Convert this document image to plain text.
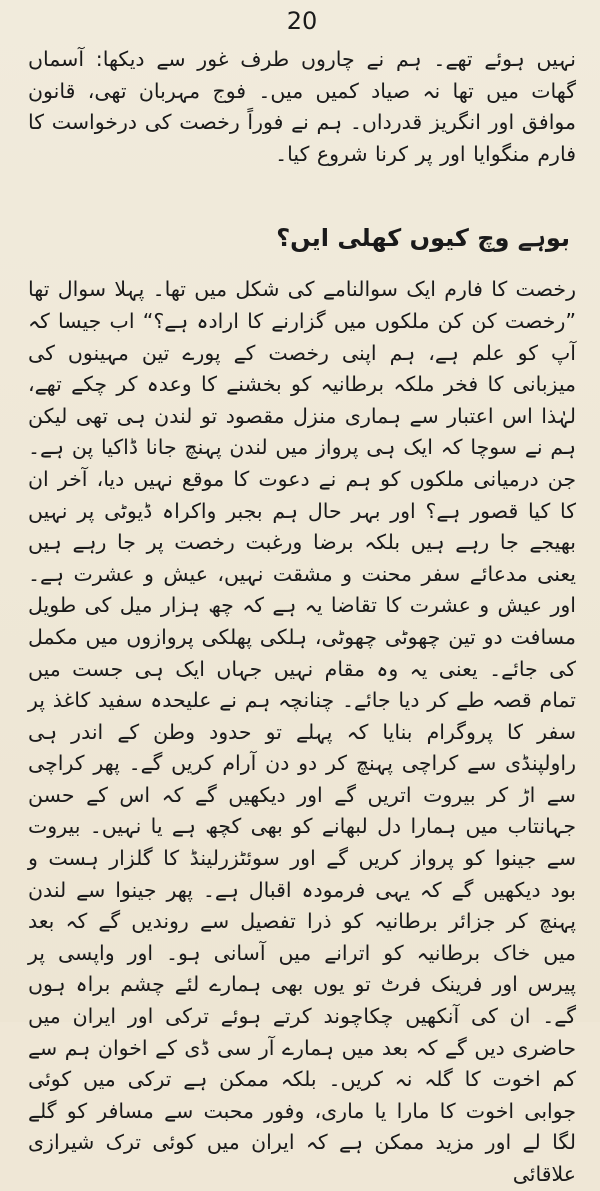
20

نہیں ہوئے تھے۔ ہم نے چاروں طرف غور سے دیکھا: آسماں گھات میں تھا نہ صیاد کمیں میں۔ فوج مہربان تھی، قانون موافق اور انگریز قدرداں۔ ہم نے فوراً رخصت کی درخواست کا فارم منگوایا اور پر کرنا شروع کیا۔

بوہے وچ کیوں کھلی ایں؟

رخصت کا فارم ایک سوالنامے کی شکل میں تھا۔ پہلا سوال تھا ”رخصت کن کن ملکوں میں گزارنے کا ارادہ ہے؟“ اب جیسا کہ آپ کو علم ہے، ہم اپنی رخصت کے پورے تین مہینوں کی میزبانی کا فخر ملکہ برطانیہ کو بخشنے کا وعدہ کر چکے تھے، لہٰذا اس اعتبار سے ہماری منزل مقصود تو لندن ہی تھی لیکن ہم نے سوچا کہ ایک ہی پرواز میں لندن پہنچ جانا ڈاکیا پن ہے۔ جن درمیانی ملکوں کو ہم نے دعوت کا موقع نہیں دیا، آخر ان کا کیا قصور ہے؟ اور بہر حال ہم بجبر واکراہ ڈیوٹی پر نہیں بھیجے جا رہے ہیں بلکہ برضا ورغبت رخصت پر جا رہے ہیں یعنی مدعائے سفر محنت و مشقت نہیں، عیش و عشرت ہے۔ اور عیش و عشرت کا تقاضا یہ ہے کہ چھ ہزار میل کی طویل مسافت دو تین چھوٹی چھوٹی، ہلکی پھلکی پروازوں میں مکمل کی جائے۔ یعنی یہ وہ مقام نہیں جہاں ایک ہی جست میں تمام قصہ طے کر دیا جائے۔ چنانچہ ہم نے علیحدہ سفید کاغذ پر سفر کا پروگرام بنایا کہ پہلے تو حدود وطن کے اندر ہی راولپنڈی سے کراچی پہنچ کر دو دن آرام کریں گے۔ پھر کراچی سے اڑ کر بیروت اتریں گے اور دیکھیں گے کہ اس کے حسن جہانتاب میں ہمارا دل لبھانے کو بھی کچھ ہے یا نہیں۔ بیروت سے جینوا کو پرواز کریں گے اور سوئٹزرلینڈ کا گلزار ہست و بود دیکھیں گے کہ یہی فرمودہ اقبال ہے۔ پھر جینوا سے لندن پہنچ کر جزائر برطانیہ کو ذرا تفصیل سے روندیں گے کہ بعد میں خاک برطانیہ کو اترانے میں آسانی ہو۔ اور واپسی پر پیرس اور فرینک فرٹ تو یوں بھی ہمارے لئے چشم براہ ہوں گے۔ ان کی آنکھیں چکاچوند کرتے ہوئے ترکی اور ایران میں حاضری دیں گے کہ بعد میں ہمارے آر سی ڈی کے اخوان ہم سے کم اخوت کا گلہ نہ کریں۔ بلکہ ممکن ہے ترکی میں کوئی جوابی اخوت کا مارا یا ماری، وفور محبت سے مسافر کو گلے لگا لے اور مزید ممکن ہے کہ ایران میں کوئی ترک شیرازی علاقائی
